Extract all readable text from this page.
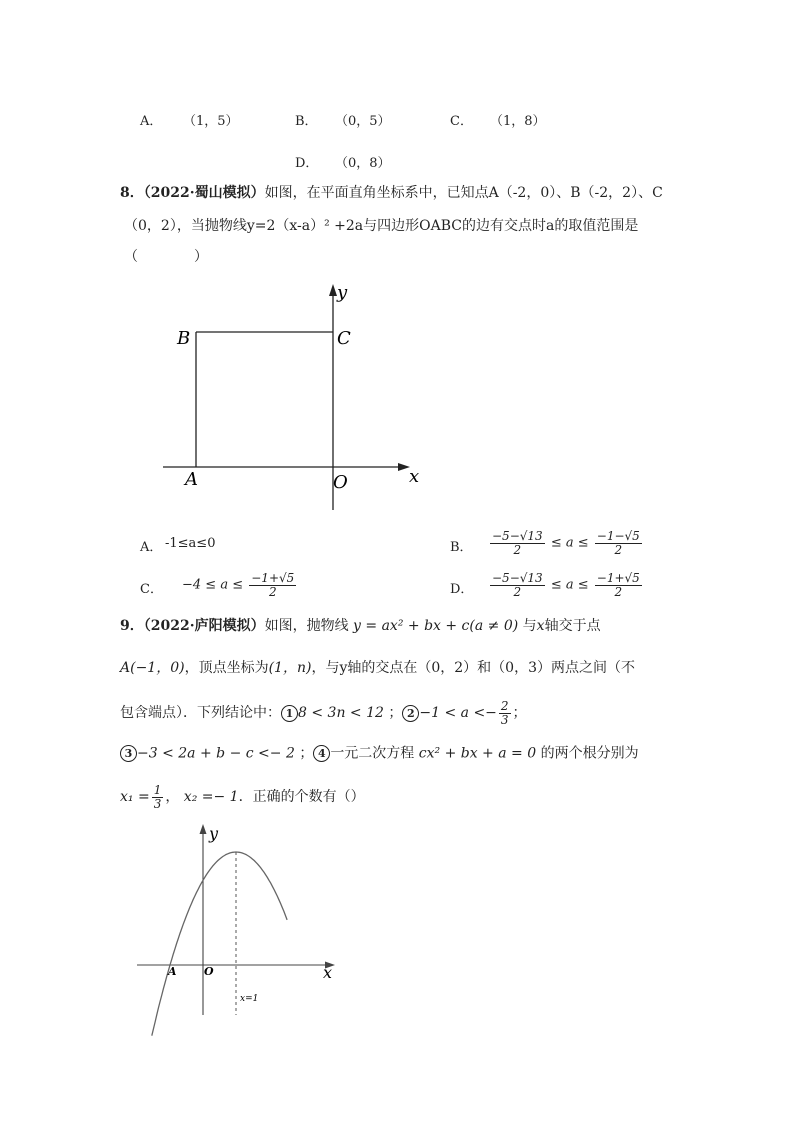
A． （1，5）	B． （0，5）	C． （1，8）
D． （0，8）
8．（2022·蜀山模拟）如图，在平面直角坐标系中，已知点A（-2，0）、B（-2，2）、C
（0，2），当抛物线y=2（x-a）² +2a与四边形OABC的边有交点时a的取值范围是
（　　　　）
y
x
B	C
A	O
A． -1≤a≤0	B． $\frac{-5-√13}{2} \le a \le \frac{-1-√5}{2}$
C． $-4 \le a \le \frac{-1+√5}{2}$	D． $\frac{-5-√13}{2} \le a \le \frac{-1+√5}{2}$
9．（2022·庐阳模拟）如图，抛物线 y = ax² + bx + c(a ≠ 0) 与x轴交于点
A(−1，0)，顶点坐标为(1，n)，与y轴的交点在（0，2）和（0，3）两点之间（不
包含端点）．下列结论中： 1 8 < 3n < 12 ； $2 -1 < a <- \frac{2}{3}$ ；
3 −3 < 2a + b − c <− 2 ； 4 一元二次方程 cx² + bx + a = 0 的两个根分别为
$x_1 = \frac{1}{3}$ ， x₂ =− 1．正确的个数有（）
y
x
A O
x=1
